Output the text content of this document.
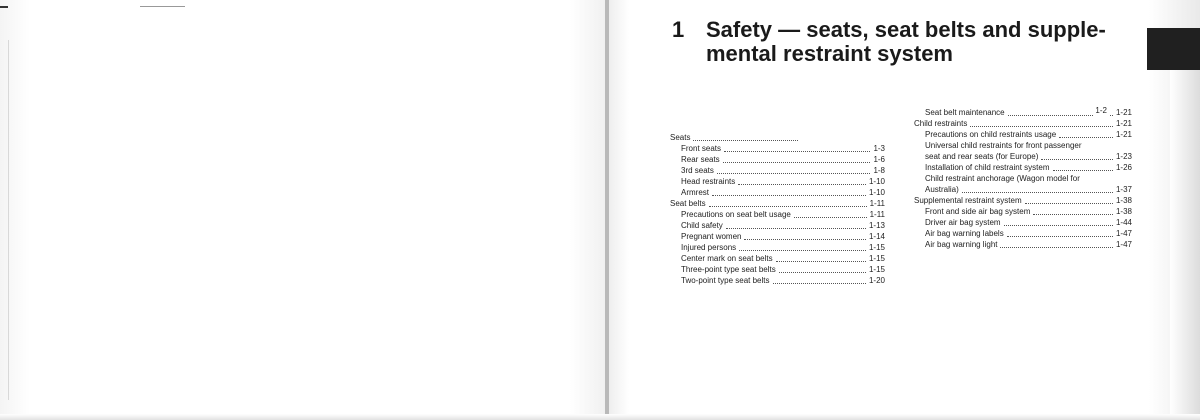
1 Safety — seats, seat belts and supple-
mental restraint system
Seats
Front seats	1-3
Rear seats	1-6
3rd seats	1-8
Head restraints	1-10
Armrest	1-10
Seat belts	1-11
Precautions on seat belt usage	1-11
Child safety	1-13
Pregnant women	1-14
Injured persons	1-15
Center mark on seat belts	1-15
Three-point type seat belts	1-15
Two-point type seat belts	1-20
Seat belt maintenance	1-2 1-21
Child restraints	1-21
Precautions on child restraints usage	1-21
Universal child restraints for front passenger
seat and rear seats (for Europe)	1-23
Installation of child restraint system	1-26
Child restraint anchorage (Wagon model for
Australia)	1-37
Supplemental restraint system	1-38
Front and side air bag system	1-38
Driver air bag system	1-44
Air bag warning labels	1-47
Air bag warning light	1-47
